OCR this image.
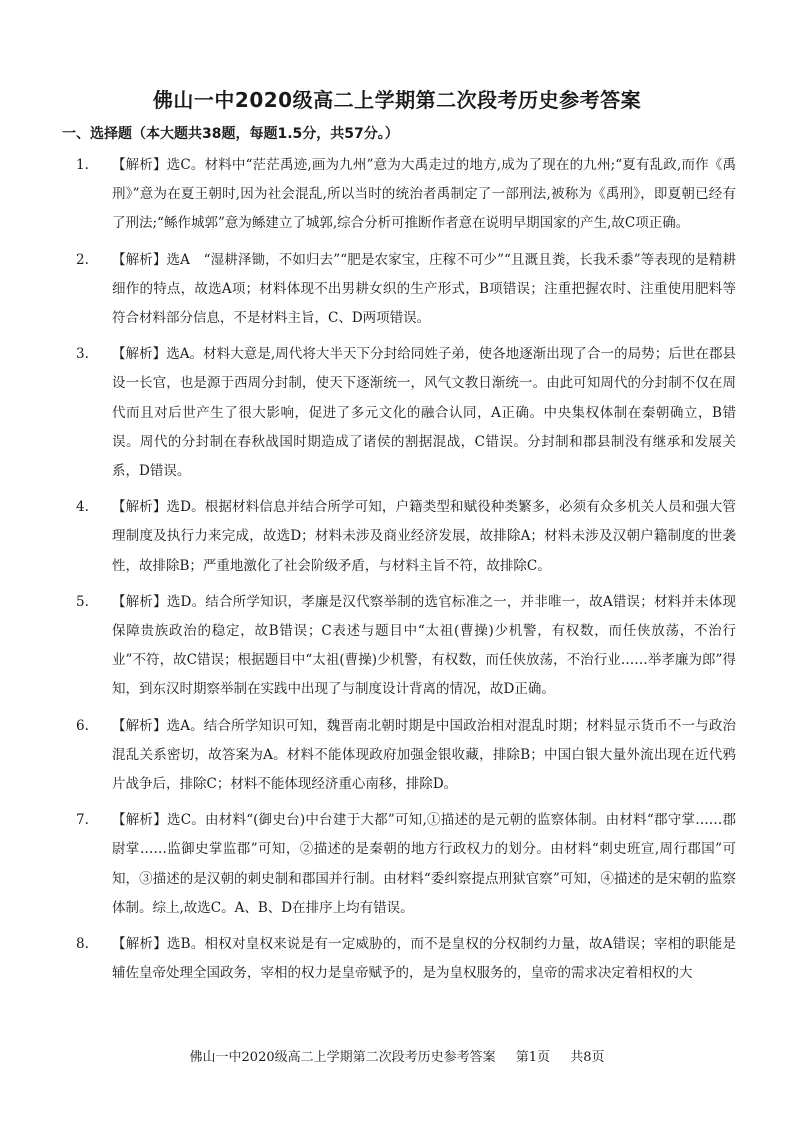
佛山一中2020级高二上学期第二次段考历史参考答案
一、选择题（本大题共38题，每题1.5分，共57分。）
1.	【解析】选C。材料中“茫茫禹迹,画为九州”意为大禹走过的地方,成为了现在的九州;“夏有乱政,而作《禹刑》”意为在夏王朝时,因为社会混乱,所以当时的统治者禹制定了一部刑法,被称为《禹刑》，即夏朝已经有了刑法;“鲧作城郭”意为鲧建立了城郭,综合分析可推断作者意在说明早期国家的产生,故C项正确。
2.	【解析】选A　“湿耕泽锄，不如归去”“肥是农家宝，庄稼不可少”“且溉且粪，长我禾黍”等表现的是精耕细作的特点，故选A项；材料体现不出男耕女织的生产形式，B项错误；注重把握农时、注重使用肥料等符合材料部分信息，不是材料主旨，C、D两项错误。
3.	【解析】选A。材料大意是,周代将大半天下分封给同姓子弟，使各地逐渐出现了合一的局势；后世在郡县设一长官，也是源于西周分封制，使天下逐渐统一，风气文教日渐统一。由此可知周代的分封制不仅在周代而且对后世产生了很大影响，促进了多元文化的融合认同，A正确。中央集权体制在秦朝确立，B错误。周代的分封制在春秋战国时期造成了诸侯的割据混战，C错误。分封制和郡县制没有继承和发展关系，D错误。
4.	【解析】选D。根据材料信息并结合所学可知，户籍类型和赋役种类繁多，必须有众多机关人员和强大管理制度及执行力来完成，故选D；材料未涉及商业经济发展，故排除A；材料未涉及汉朝户籍制度的世袭性，故排除B；严重地激化了社会阶级矛盾，与材料主旨不符，故排除C。
5.	【解析】选D。结合所学知识，孝廉是汉代察举制的选官标准之一，并非唯一，故A错误；材料并未体现保障贵族政治的稳定，故B错误；C表述与题目中“太祖(曹操)少机警，有权数，而任侠放荡，不治行业”不符，故C错误；根据题目中“太祖(曹操)少机警，有权数，而任侠放荡，不治行业……举孝廉为郎”得知，到东汉时期察举制在实践中出现了与制度设计背离的情况，故D正确。
6.	【解析】选A。结合所学知识可知，魏晋南北朝时期是中国政治相对混乱时期；材料显示货币不一与政治混乱关系密切，故答案为A。材料不能体现政府加强金银收藏，排除B；中国白银大量外流出现在近代鸦片战争后，排除C；材料不能体现经济重心南移，排除D。
7.	【解析】选C。由材料“(御史台)中台建于大都”可知,①描述的是元朝的监察体制。由材料“郡守掌……郡尉掌……监御史掌监郡”可知，②描述的是秦朝的地方行政权力的划分。由材料“刺史班宣,周行郡国”可知，③描述的是汉朝的刺史制和郡国并行制。由材料“委纠察提点刑狱官察”可知，④描述的是宋朝的监察体制。综上,故选C。A、B、D在排序上均有错误。
8.	【解析】选B。相权对皇权来说是有一定威胁的，而不是皇权的分权制约力量，故A错误；宰相的职能是辅佐皇帝处理全国政务，宰相的权力是皇帝赋予的，是为皇权服务的，皇帝的需求决定着相权的大
佛山一中2020级高二上学期第二次段考历史参考答案 第1页 共8页
